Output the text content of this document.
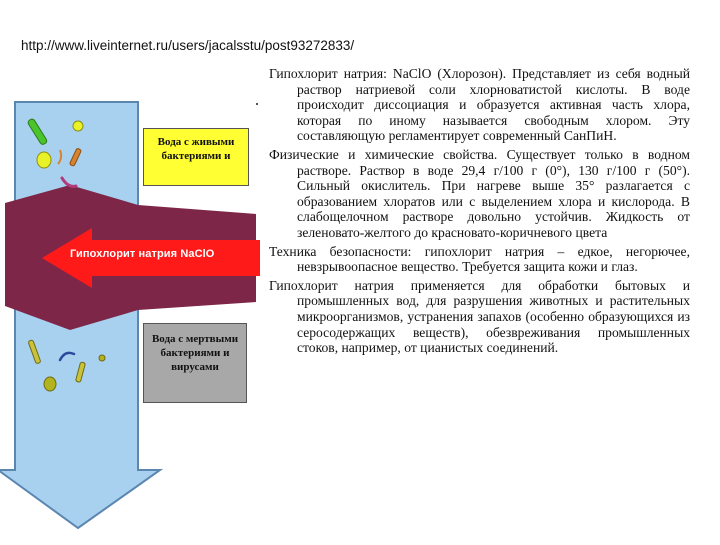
http://www.liveinternet.ru/users/jacalsstu/post93272833/
Вода с живыми бактериями и
Гипохлорит натрия NaClO
Вода с мертвыми бактериями и вирусами

Гипохлорит натрия: NaClO (Хлорозон). Представляет из себя водный раствор натриевой соли хлорноватистой кислоты. В воде происходит диссоциация и образуется активная часть хлора, которая по иному называется свободным хлором. Эту составляющую регламентирует современный СанПиН.

Физические и химические свойства. Существует только в водном растворе. Раствор в воде 29,4 г/100 г (0°), 130 г/100 г (50°). Сильный окислитель. При нагреве выше 35° разлагается с образованием хлоратов или с выделением хлора и кислорода. В слабощелочном растворе довольно устойчив. Жидкость от зеленовато-желтого до красновато-коричневого цвета

Техника безопасности: гипохлорит натрия – едкое, негорючее, невзрывоопасное вещество. Требуется защита кожи и глаз.

Гипохлорит натрия применяется для обработки бытовых и промышленных вод, для разрушения животных и растительных микроорганизмов, устранения запахов (особенно образующихся из серосодержащих веществ), обезвреживания промышленных стоков, например, от цианистых соединений.
